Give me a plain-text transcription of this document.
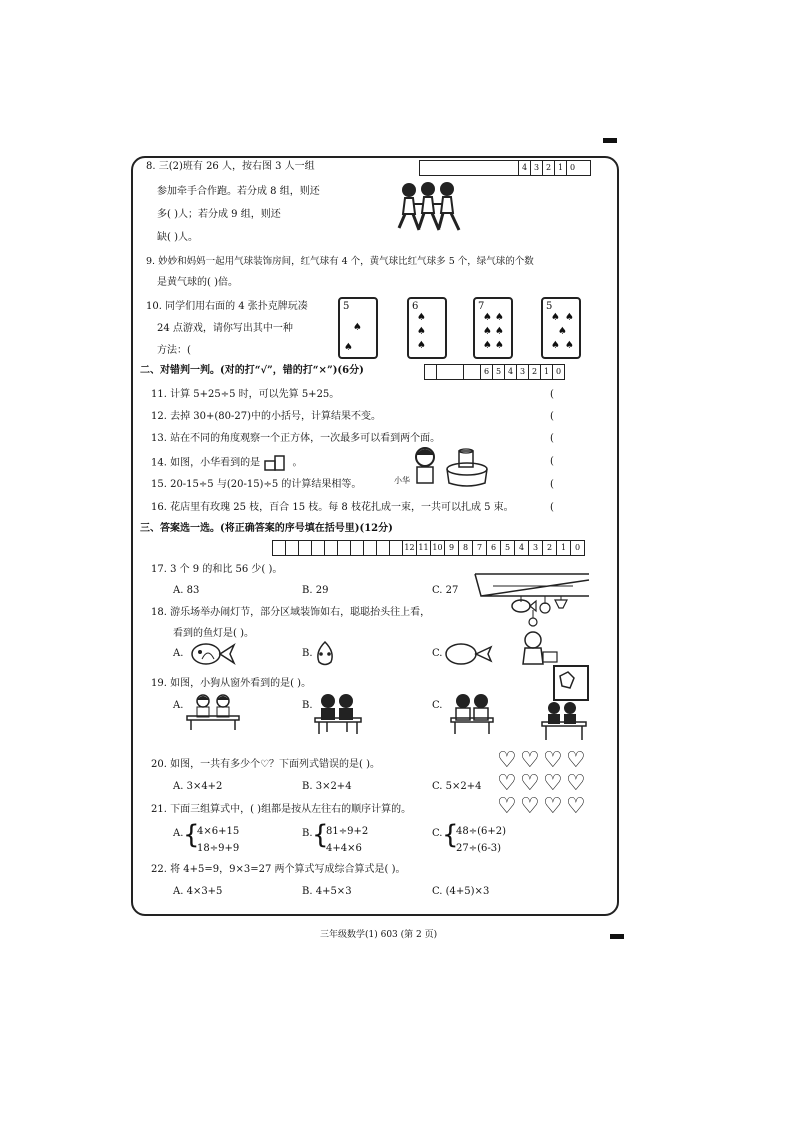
4 3 2 1 0
8. 三(2)班有 26 人，按右图 3 人一组
参加牵手合作跑。若分成 8 组，则还
多( )人；若分成 9 组，则还
缺( )人。
9. 妙妙和妈妈一起用气球装饰房间，红气球有 4 个，黄气球比红气球多 5 个，绿气球的个数
是黄气球的( )倍。
10. 同学们用右面的 4 张扑克牌玩凑
24 点游戏，请你写出其中一种
方法：(
5
♠
♠
6
♠
♠
♠
7
♠ ♠
♠ ♠
♠ ♠
5
♠ ♠
♠
♠ ♠
二、对错判一判。(对的打“√”，错的打“×”)(6分)	6 5 4 3 2 1 0
11. 计算 5+25÷5 时，可以先算 5+25。	(
12. 去掉 30+(80-27)中的小括号，计算结果不变。	(
13. 站在不同的角度观察一个正方体，一次最多可以看到两个面。	(
14. 如图，小华看到的是	。	(
小华
15. 20-15÷5 与(20-15)÷5 的计算结果相等。	(
16. 花店里有玫瑰 25 枝，百合 15 枝。每 8 枝花扎成一束，一共可以扎成 5 束。	(
三、答案选一选。(将正确答案的序号填在括号里)(12分)
12 11 10 9	8	7	6	5	4	3	2	1	0
17. 3 个 9 的和比 56 少( )。
A. 83	B. 29	C. 27
18. 游乐场举办闹灯节，部分区域装饰如右，聪聪抬头往上看，
看到的鱼灯是( )。
A.	B.	C.
19. 如图，小狗从窗外看到的是( )。
A.	B.	C.
20. 如图，一共有多少个♡？下面列式错误的是( )。
A. 3×4+2	B. 3×2+4	C. 5×2+4
♡ ♡ ♡ ♡
♡ ♡ ♡ ♡
♡ ♡ ♡ ♡
21. 下面三组算式中，( )组都是按从左往右的顺序计算的。
A. {
4×6+15
18÷9+9
B. {
81÷9+2
4+4×6
C. {
48÷(6+2)
27÷(6-3)
22. 将 4+5=9，9×3=27 两个算式写成综合算式是( )。
A. 4×3+5	B. 4+5×3	C. (4+5)×3
三年级数学(1) 603 (第 2 页)
